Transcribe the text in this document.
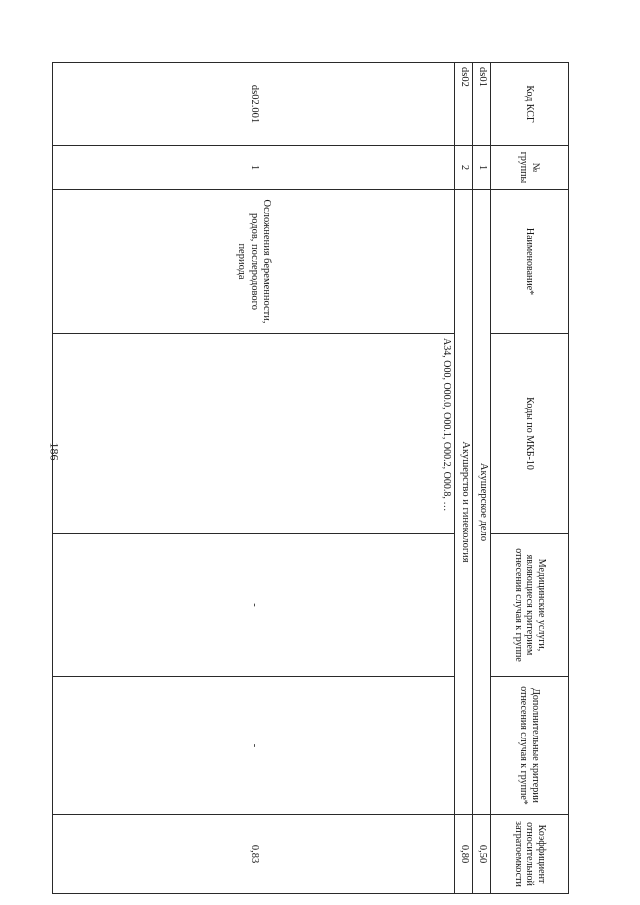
186
Код КСГ	№ группы	Наименование*	Коды по МКБ-10	Медицинские услуги, являющиеся критерием отнесения случая к группе	Дополнительные критерии отнесения случая к группе*	Коэффициент относительной затратоемкости
ds01	1	Акушерское дело				0,50
ds02	2	Акушерство и гинекология				0,80
ds02.001	1	Осложнения беременности, родов, послеродового периода	A34, O00, O00.0, O00.1, O00.2, O00.8, …	-	-	0,83
